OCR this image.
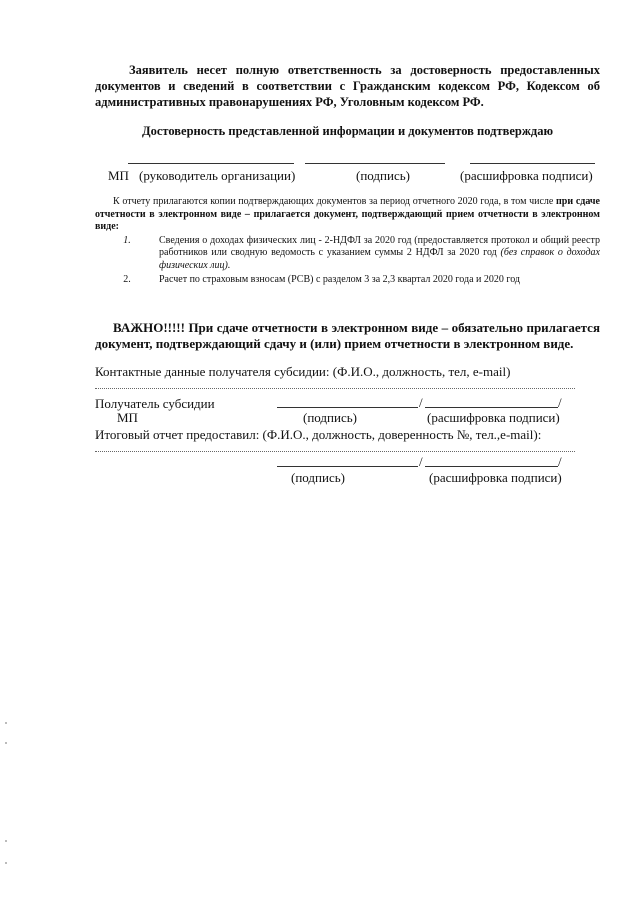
Заявитель несет полную ответственность за достоверность предоставленных документов и сведений в соответствии с Гражданским кодексом РФ, Кодексом об административных правонарушениях РФ, Уголовным кодексом РФ.
Достоверность представленной информации и документов подтверждаю
МП (руководитель организации)	(подпись)	(расшифровка подписи)
К отчету прилагаются копии подтверждающих документов за период отчетного 2020 года, в том числе при сдаче отчетности в электронном виде – прилагается документ, подтверждающий прием отчетности в электронном виде:
1.	Сведения о доходах физических лиц - 2-НДФЛ за 2020 год (предоставляется протокол и общий реестр работников или сводную ведомость с указанием суммы 2 НДФЛ за 2020 год (без справок о доходах физических лиц).
2.	Расчет по страховым взносам (РСВ) с разделом 3 за 2,3 квартал 2020 года и 2020 год
ВАЖНО!!!!! При сдаче отчетности в электронном виде – обязательно прилагается документ, подтверждающий сдачу и (или) прием отчетности в электронном виде.
Контактные данные получателя субсидии: (Ф.И.О., должность, тел, e-mail)
Получатель субсидии	/	/
МП	(подпись)	(расшифровка подписи)
Итоговый отчет предоставил: (Ф.И.О., должность, доверенность №, тел.,e-mail):
/	/
(подпись)	(расшифровка подписи)
